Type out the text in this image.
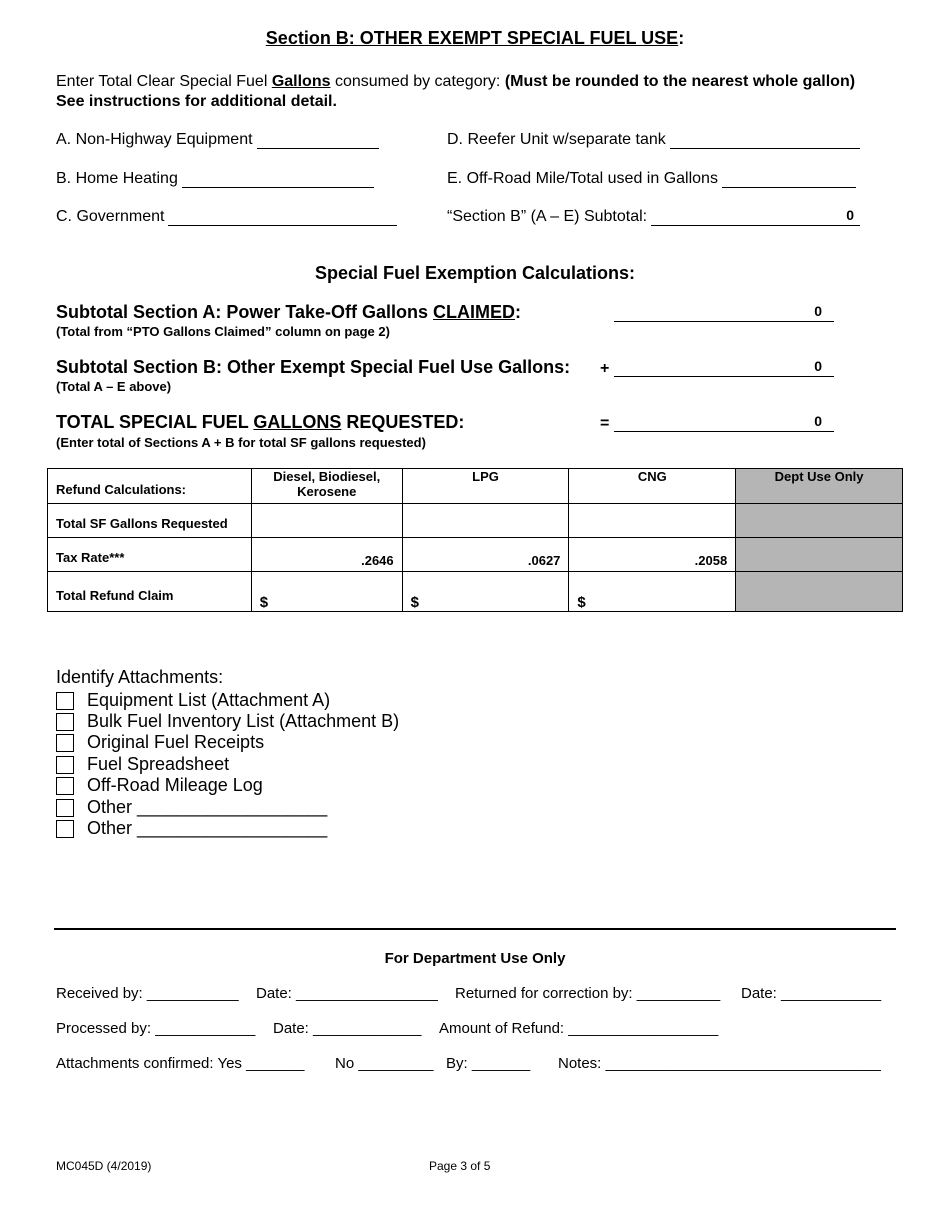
Section B: OTHER EXEMPT SPECIAL FUEL USE:
Enter Total Clear Special Fuel Gallons consumed by category: (Must be rounded to the nearest whole gallon) See instructions for additional detail.
A. Non-Highway Equipment
B. Home Heating
C. Government
D. Reefer Unit w/separate tank
E. Off-Road Mile/Total used in Gallons
“Section B” (A – E) Subtotal:	0
Special Fuel Exemption Calculations:
Subtotal Section A: Power Take-Off Gallons CLAIMED:
(Total from “PTO Gallons Claimed” column on page 2)
0
Subtotal Section B: Other Exempt Special Fuel Use Gallons: +
(Total A – E above)
0
TOTAL SPECIAL FUEL GALLONS REQUESTED:	=
(Enter total of Sections A + B for total SF gallons requested)
0
Refund Calculations:	Diesel, Biodiesel, Kerosene	LPG	CNG	Dept Use Only
Total SF Gallons Requested				
Tax Rate***	.2646	.0627	.2058	
Total Refund Claim	$	$	$	
Identify Attachments:
Equipment List (Attachment A)
Bulk Fuel Inventory List (Attachment B)
Original Fuel Receipts
Fuel Spreadsheet
Off-Road Mileage Log
Other ___________________
Other ___________________
For Department Use Only
Received by: ___________ Date: _________________ Returned for correction by: __________ Date: ____________
Processed by: ____________ Date: _____________ Amount of Refund: __________________
Attachments confirmed: Yes _______ No _________ By: _______ Notes: _________________________________
MC045D (4/2019)	Page 3 of 5
